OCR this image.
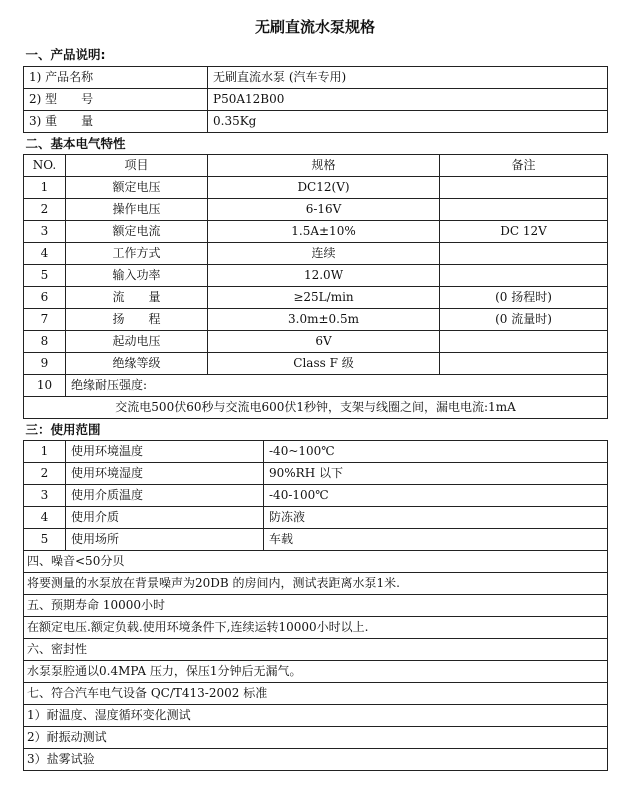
无刷直流水泵规格
一、产品说明:				
1) 产品名称		无刷直流水泵 (汽车专用)		
2) 型　　号		P50A12B00		
3) 重　　量		0.35Kg		
二、基本电气特性				
NO.	项目	规格		备注
1	额定电压	DC12(V)		
2	操作电压	6-16V		
3	额定电流	1.5A±10%		DC 12V
4	工作方式	连续		
5	输入功率	12.0W		
6	流　　量	≥25L/min		(0 扬程时)
7	扬　　程	3.0m±0.5m		(0 流量时)
8	起动电压	6V		
9	绝缘等级	Class F 级		
10	绝缘耐压强度:			
交流电500伏60秒与交流电600伏1秒钟，支架与线圈之间，漏电电流:1mA				
三：使用范围				
1	使用环境温度		-40~100℃	
2	使用环境湿度		90%RH 以下	
3	使用介质温度		-40-100℃	
4	使用介质		防冻液	
5	使用场所		车载	
四、噪音<50分贝				
将要测量的水泵放在背景噪声为20DB 的房间内，测试表距离水泵1米.				
五、预期寿命 10000小时				
在额定电压.额定负载.使用环境条件下,连续运转10000小时以上.				
六、密封性				
水泵泵腔通以0.4MPA 压力，保压1分钟后无漏气。				
七、符合汽车电气设备 QC/T413-2002 标准				
1）耐温度、湿度循环变化测试				
2）耐振动测试				
3）盐雾试验				
